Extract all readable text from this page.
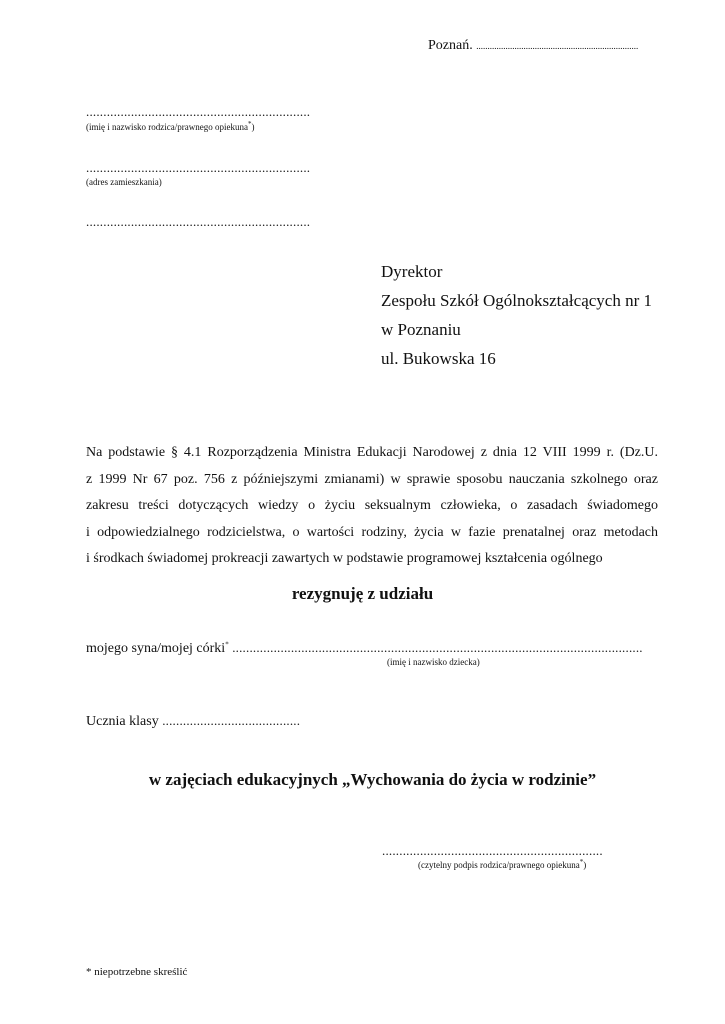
Poznań. ........................................................................
.................................................................
(imię i nazwisko rodzica/prawnego opiekuna*)
.................................................................
(adres zamieszkania)
.................................................................
Dyrektor
Zespołu Szkół Ogólnokształcących nr 1
w Poznaniu
ul. Bukowska 16
Na podstawie § 4.1 Rozporządzenia Ministra Edukacji Narodowej z dnia 12 VIII 1999 r. (Dz.U.
z 1999 Nr 67 poz. 756 z późniejszymi zmianami) w sprawie sposobu nauczania szkolnego oraz
zakresu treści dotyczących wiedzy o życiu seksualnym człowieka, o zasadach świadomego
i odpowiedzialnego rodzicielstwa, o wartości rodziny, życia w fazie prenatalnej oraz metodach
i środkach świadomej prokreacji zawartych w podstawie programowej kształcenia ogólnego
rezygnuję z udziału
mojego syna/mojej córki* .......................................................................................................................
(imię i nazwisko dziecka)
Ucznia klasy ........................................
w zajęciach edukacyjnych „Wychowania do życia w rodzinie”
................................................................
(czytelny podpis rodzica/prawnego opiekuna*)
* niepotrzebne skreślić
